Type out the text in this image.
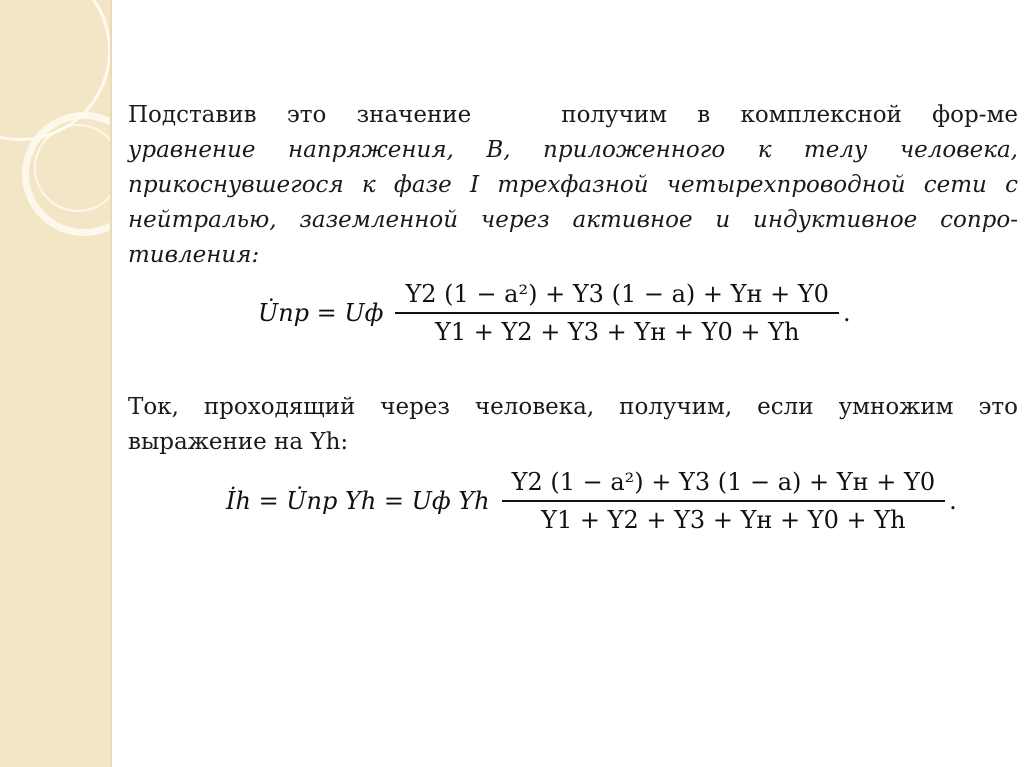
Подставив это значение	получим в комплексной фор-ме уравнение напряжения, B, приложенного к телу человека, прикоснувшегося к фазе I трехфазной четырехпроводной сети с нейтралью, заземленной через активное и индуктивное сопро-тивления:

U̇пр = Uф $\frac{\text{Y2 (1 − a²) + Y3 (1 − a) + Yн + Y0}}{Y1 + Y2 + Y3 + Yн + Y0 + Yh}$ .

Ток, проходящий через человека, получим, если умножим это выражение на Yh:

İh = U̇пр Yh = Uф Yh $\frac{\text{Y2 (1 − a²) + Y3 (1 − a) + Yн + Y0}}{Y1 + Y2 + Y3 + Yн + Y0 + Yh}$ .
